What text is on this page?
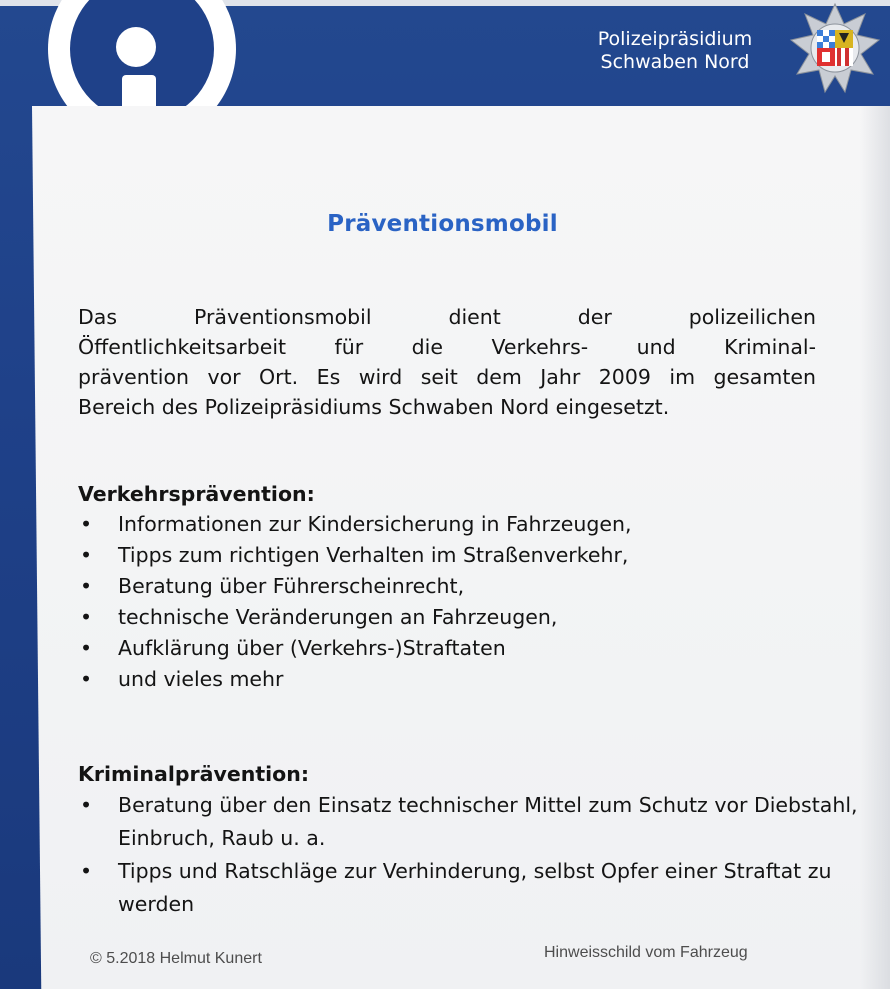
Polizeipräsidium
Schwaben Nord
Präventionsmobil
Das Präventionsmobil dient der polizeilichen
Öffentlichkeitsarbeit für die Verkehrs- und Kriminal-
prävention vor Ort. Es wird seit dem Jahr 2009 im gesamten
Bereich des Polizeipräsidiums Schwaben Nord eingesetzt.
Verkehrsprävention:
• Informationen zur Kindersicherung in Fahrzeugen,
• Tipps zum richtigen Verhalten im Straßenverkehr,
• Beratung über Führerscheinrecht,
• technische Veränderungen an Fahrzeugen,
• Aufklärung über (Verkehrs-)Straftaten
• und vieles mehr
Kriminalprävention:
• Beratung über den Einsatz technischer Mittel zum Schutz vor Diebstahl, Einbruch, Raub u. a.
• Tipps und Ratschläge zur Verhinderung, selbst Opfer einer Straftat zu werden
© 5.2018 Helmut Kunert	Hinweisschild vom Fahrzeug
